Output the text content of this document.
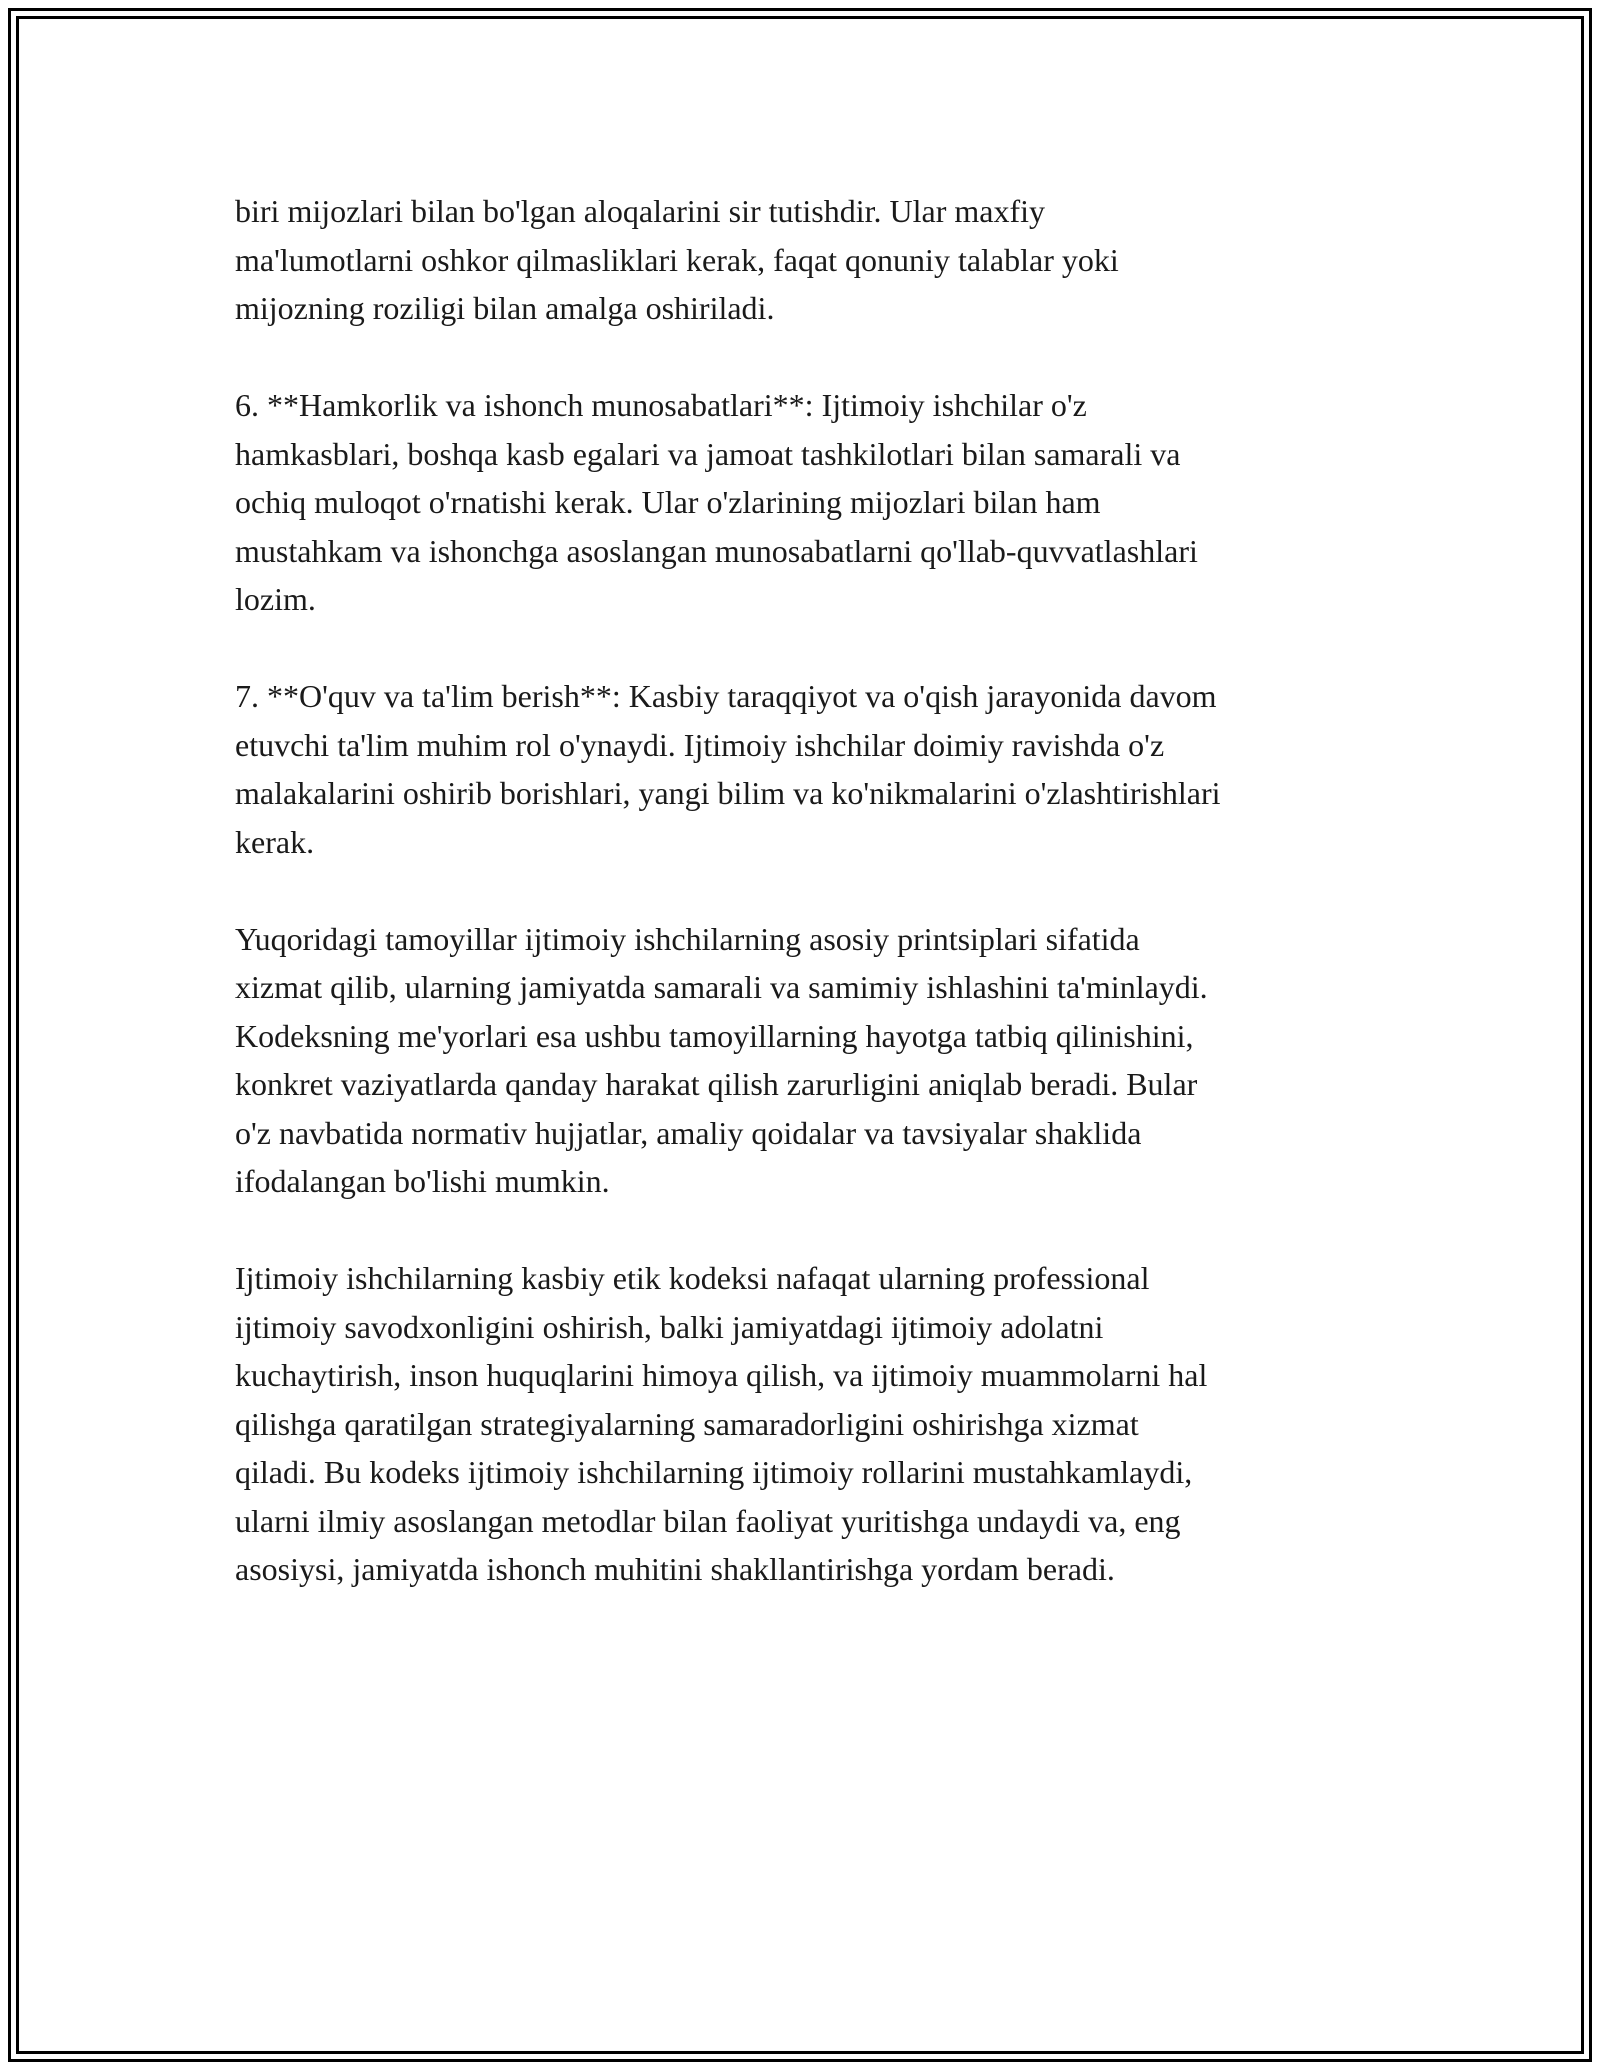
biri mijozlari bilan bo'lgan aloqalarini sir tutishdir. Ular maxfiy
ma'lumotlarni oshkor qilmasliklari kerak, faqat qonuniy talablar yoki
mijozning roziligi bilan amalga oshiriladi.

6. **Hamkorlik va ishonch munosabatlari**: Ijtimoiy ishchilar o'z
hamkasblari, boshqa kasb egalari va jamoat tashkilotlari bilan samarali va
ochiq muloqot o'rnatishi kerak. Ular o'zlarining mijozlari bilan ham
mustahkam va ishonchga asoslangan munosabatlarni qo'llab-quvvatlashlari
lozim.

7. **O'quv va ta'lim berish**: Kasbiy taraqqiyot va o'qish jarayonida davom
etuvchi ta'lim muhim rol o'ynaydi. Ijtimoiy ishchilar doimiy ravishda o'z
malakalarini oshirib borishlari, yangi bilim va ko'nikmalarini o'zlashtirishlari
kerak.

Yuqoridagi tamoyillar ijtimoiy ishchilarning asosiy printsiplari sifatida
xizmat qilib, ularning jamiyatda samarali va samimiy ishlashini ta'minlaydi.
Kodeksning me'yorlari esa ushbu tamoyillarning hayotga tatbiq qilinishini,
konkret vaziyatlarda qanday harakat qilish zarurligini aniqlab beradi. Bular
o'z navbatida normativ hujjatlar, amaliy qoidalar va tavsiyalar shaklida
ifodalangan bo'lishi mumkin.

Ijtimoiy ishchilarning kasbiy etik kodeksi nafaqat ularning professional
ijtimoiy savodxonligini oshirish, balki jamiyatdagi ijtimoiy adolatni
kuchaytirish, inson huquqlarini himoya qilish, va ijtimoiy muammolarni hal
qilishga qaratilgan strategiyalarning samaradorligini oshirishga xizmat
qiladi. Bu kodeks ijtimoiy ishchilarning ijtimoiy rollarini mustahkamlaydi,
ularni ilmiy asoslangan metodlar bilan faoliyat yuritishga undaydi va, eng
asosiysi, jamiyatda ishonch muhitini shakllantirishga yordam beradi.
